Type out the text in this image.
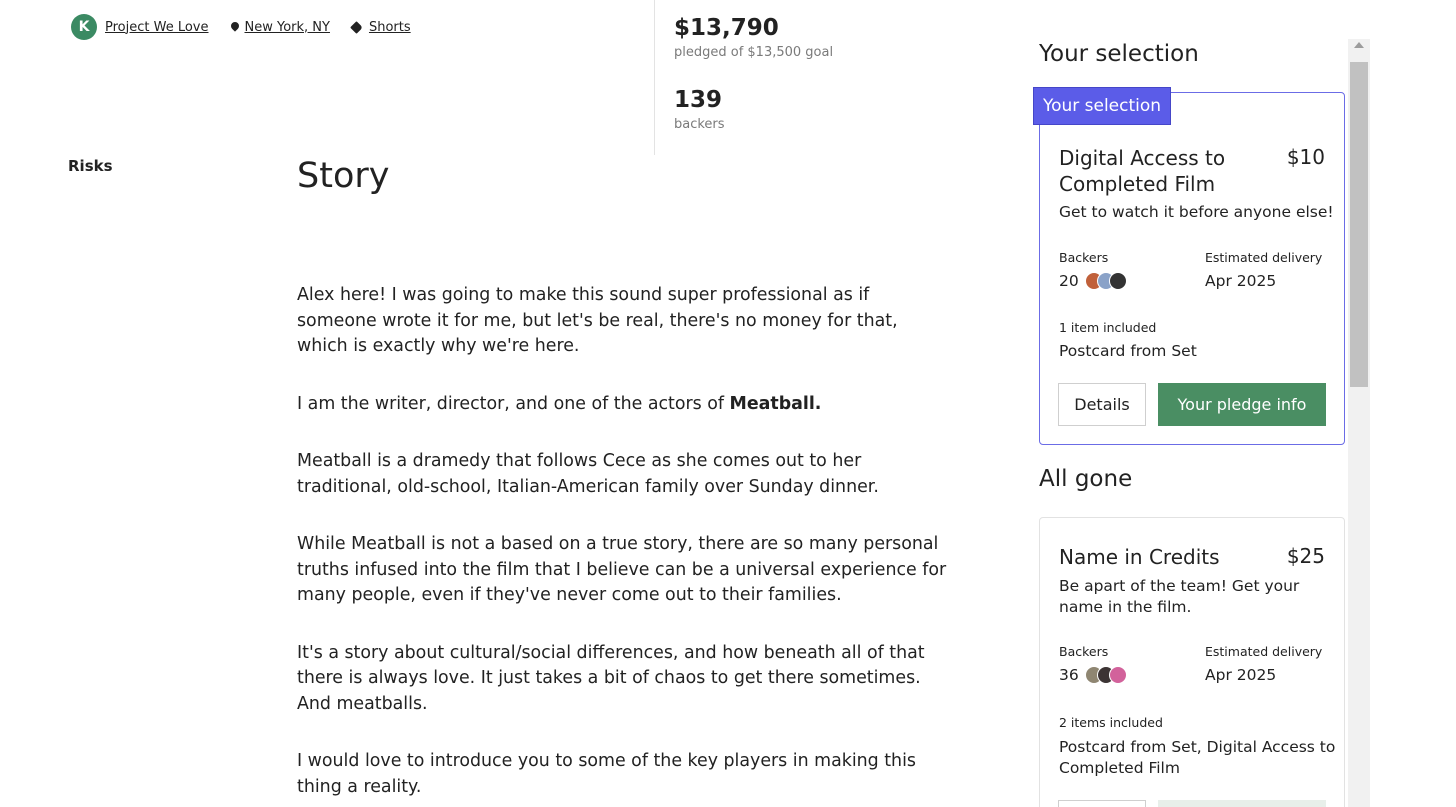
K Project We Love	New York, NY	Shorts	$13,790
pledged of $13,500 goal
139
backers
Risks	Story

Alex here! I was going to make this sound super professional as if someone wrote it for me, but let's be real, there's no money for that, which is exactly why we're here.

I am the writer, director, and one of the actors of Meatball.

Meatball is a dramedy that follows Cece as she comes out to her traditional, old-school, Italian-American family over Sunday dinner.

While Meatball is not a based on a true story, there are so many personal truths infused into the film that I believe can be a universal experience for many people, even if they've never come out to their families.

It's a story about cultural/social differences, and how beneath all of that there is always love. It just takes a bit of chaos to get there sometimes. And meatballs.

I would love to introduce you to some of the key players in making this thing a reality.

Your selection
Digital Access to Completed Film
$10
Get to watch it before anyone else!
Backers
20
Estimated delivery
Apr 2025
1 item included
Postcard from Set
Details	Your pledge info
Your selection
All gone
Name in Credits	$25
Be apart of the team! Get your name in the film.
Backers
36
Estimated delivery
Apr 2025
2 items included
Postcard from Set, Digital Access to Completed Film
